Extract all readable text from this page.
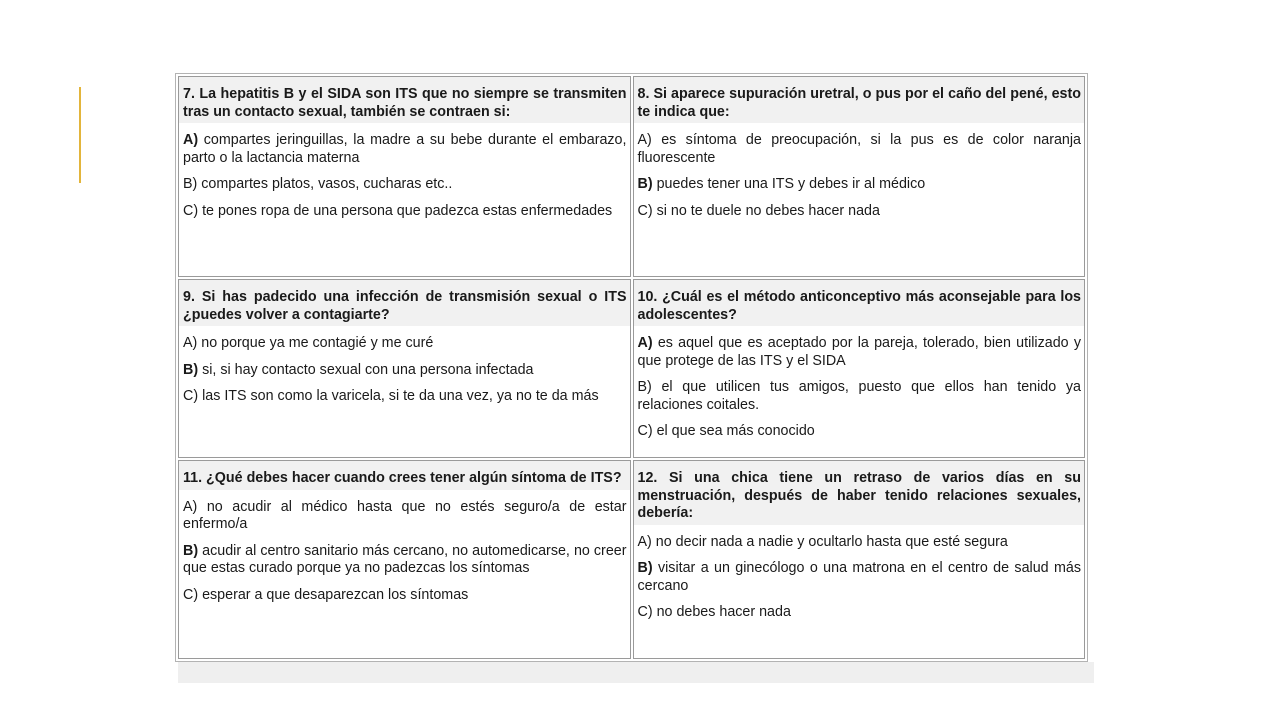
7. La hepatitis B y el SIDA son ITS que no siempre se transmiten tras un contacto sexual, también se contraen si:
A) compartes jeringuillas, la madre a su bebe durante el embarazo, parto o la lactancia materna
B) compartes platos, vasos, cucharas etc..
C) te pones ropa de una persona que padezca estas enfermedades
8. Si aparece supuración uretral, o pus por el caño del pené, esto te indica que:
A) es síntoma de preocupación, si la pus es de color naranja fluorescente
B) puedes tener una ITS y debes ir al médico
C) si no te duele no debes hacer nada
9. Si has padecido una infección de transmisión sexual o ITS ¿puedes volver a contagiarte?
A) no porque ya me contagié y me curé
B) si, si hay contacto sexual con una persona infectada
C) las ITS son como la varicela, si te da una vez, ya no te da más
10. ¿Cuál es el método anticonceptivo más aconsejable para los adolescentes?
A) es aquel que es aceptado por la pareja, tolerado, bien utilizado y que protege de las ITS y el SIDA
B) el que utilicen tus amigos, puesto que ellos han tenido ya relaciones coitales.
C) el que sea más conocido
11. ¿Qué debes hacer cuando crees tener algún síntoma de ITS?
A) no acudir al médico hasta que no estés seguro/a de estar enfermo/a
B) acudir al centro sanitario más cercano, no automedicarse, no creer que estas curado porque ya no padezcas los síntomas
C) esperar a que desaparezcan los síntomas
12. Si una chica tiene un retraso de varios días en su menstruación, después de haber tenido relaciones sexuales, debería:
A) no decir nada a nadie y ocultarlo hasta que esté segura
B) visitar a un ginecólogo o una matrona en el centro de salud más cercano
C) no debes hacer nada
